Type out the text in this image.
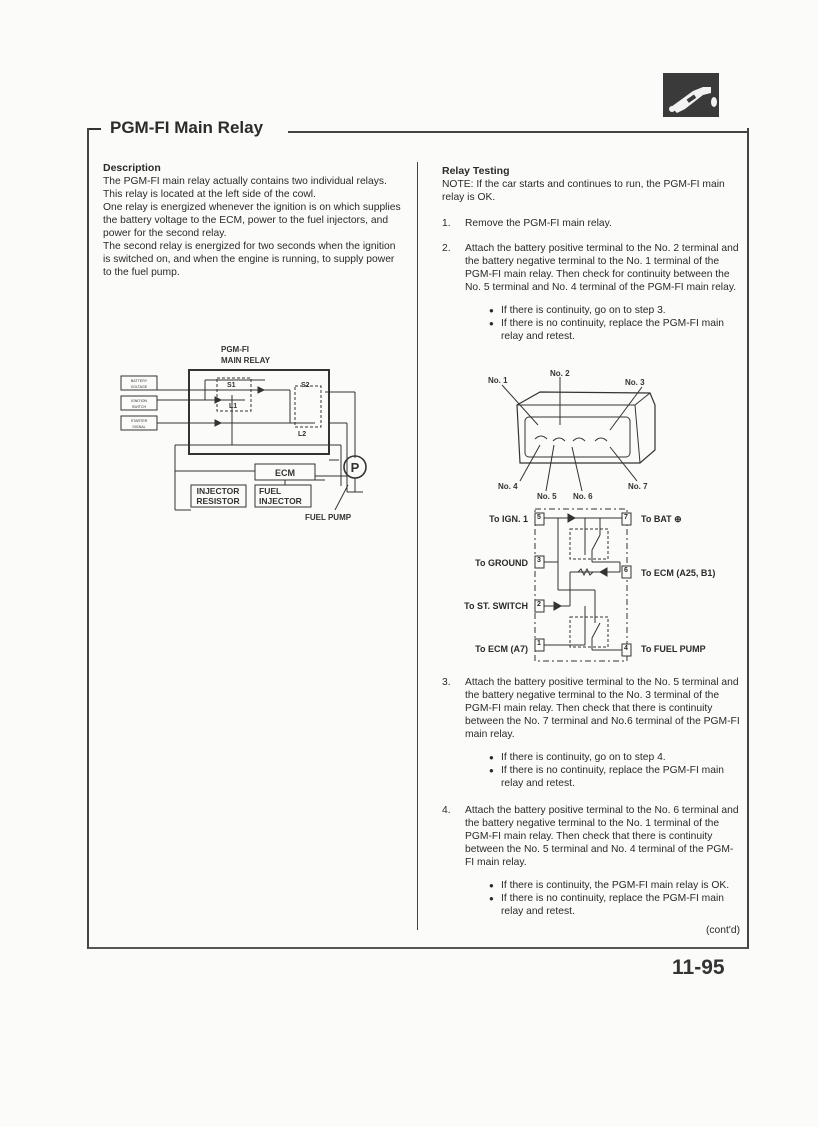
PGM-FI Main Relay
Description

The PGM-FI main relay actually contains two individual relays.

This relay is located at the left side of the cowl.

One relay is energized whenever the ignition is on which supplies the battery voltage to the ECM, power to the fuel injectors, and power for the second relay.

The second relay is energized for two seconds when the ignition is switched on, and when the engine is running, to supply power to the fuel pump.

PGM-FI
MAIN RELAY
BATTERY
VOLTAGE
IGNITION
SWITCH
STARTER
SIGNAL
S1	S2
L1
L2
ECM
INJECTOR
RESISTOR
FUEL
INJECTOR
P
FUEL PUMP
Relay Testing

NOTE: If the car starts and continues to run, the PGM-FI main relay is OK.

1. Remove the PGM-FI main relay.
2. Attach the battery positive terminal to the No. 2 terminal and the battery negative terminal to the No. 1 terminal of the PGM-FI main relay. Then check for continuity between the No. 5 terminal and No. 4 terminal of the PGM-FI main relay.
● If there is continuity, go on to step 3.
● If there is no continuity, replace the PGM-FI main relay and retest.
No. 1
No. 2
No. 3
No. 4
No. 5 No. 6
No. 7
5
3
2
1
7
6
4
To IGN. 1
To GROUND
To ST. SWITCH
To ECM (A7)
To BAT ⊕
To ECM (A25, B1)
To FUEL PUMP
3. Attach the battery positive terminal to the No. 5 terminal and the battery negative terminal to the No. 3 terminal of the PGM-FI main relay. Then check that there is continuity between the No. 7 terminal and No.6 terminal of the PGM-FI main relay.
● If there is continuity, go on to step 4.
● If there is no continuity, replace the PGM-FI main relay and retest.
4. Attach the battery positive terminal to the No. 6 terminal and the battery negative terminal to the No. 1 terminal of the PGM-FI main relay. Then check that there is continuity between the No. 5 terminal and No. 4 terminal of the PGM-FI main relay.
● If there is continuity, the PGM-FI main relay is OK.
● If there is no continuity, replace the PGM-FI main relay and retest.
(cont'd)
11-95
